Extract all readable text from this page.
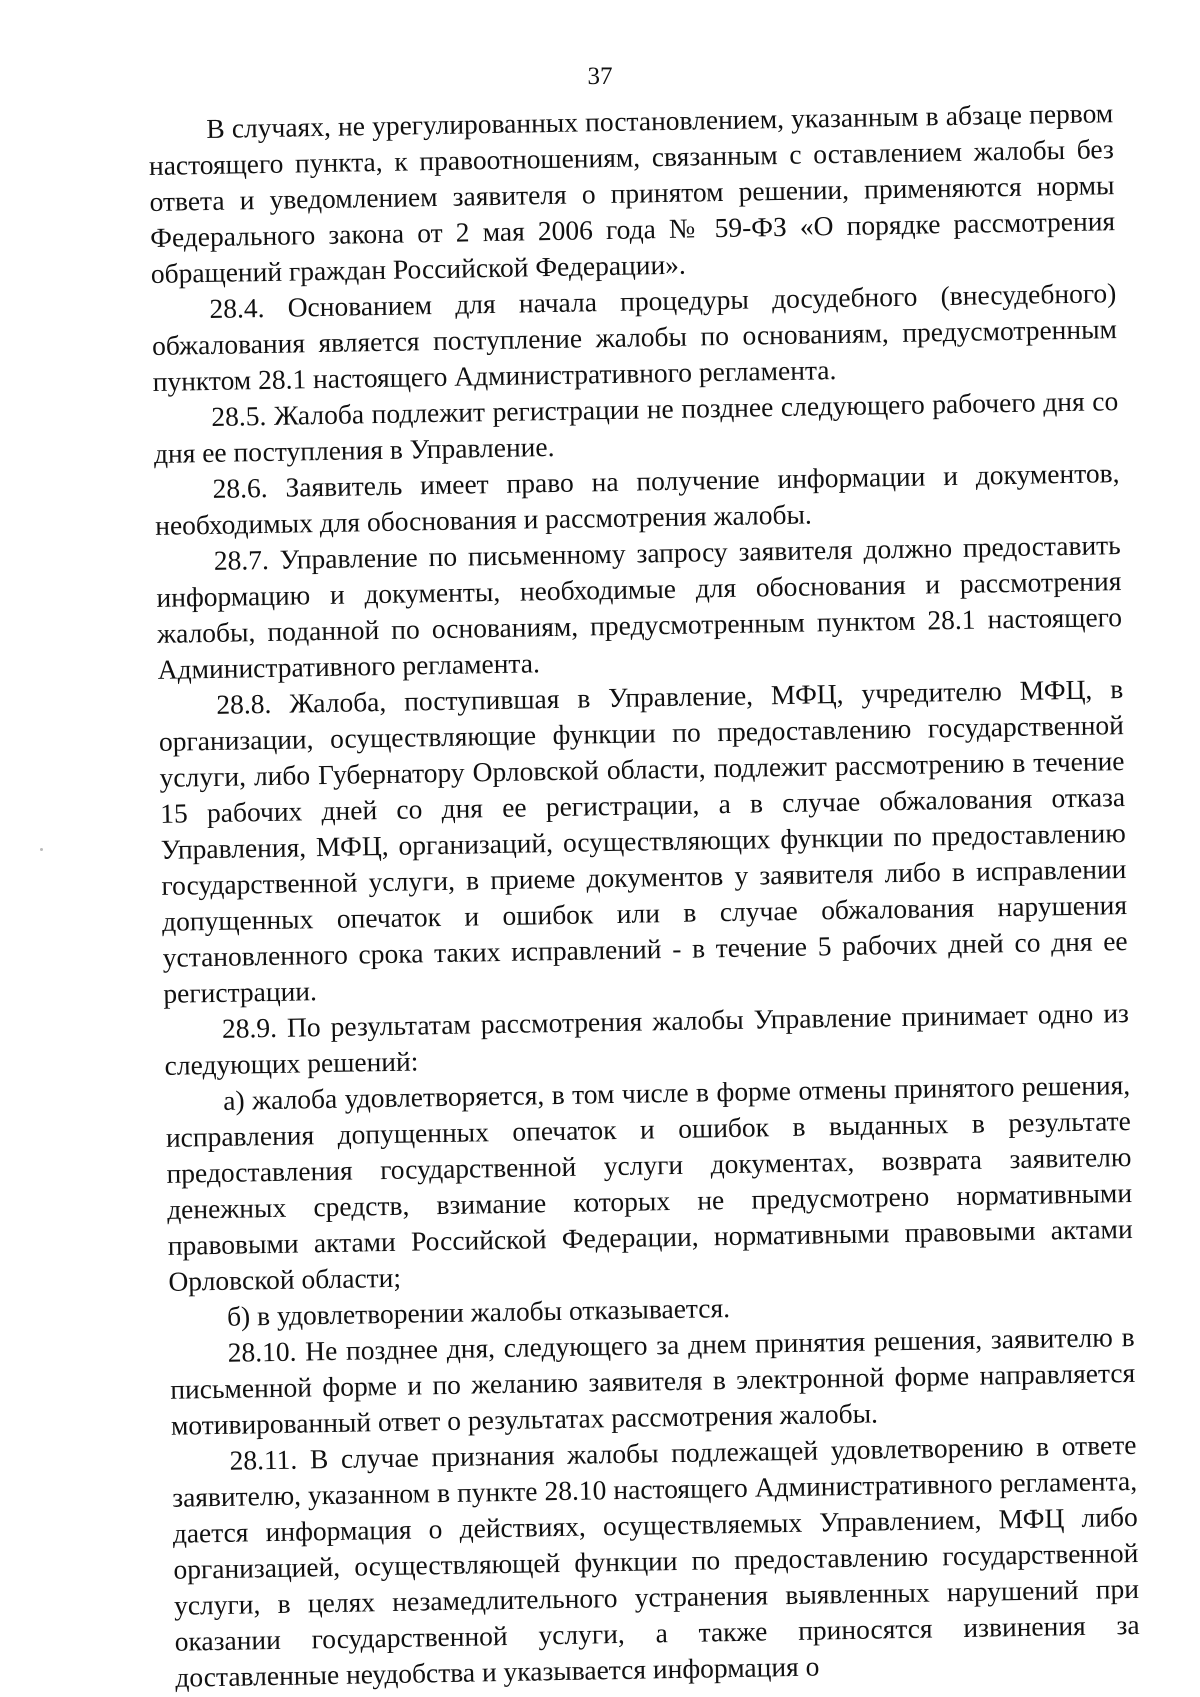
37

В случаях, не урегулированных постановлением, указанным в абзаце первом настоящего пункта, к правоотношениям, связанным с оставлением жалобы без ответа и уведомлением заявителя о принятом решении, применяются нормы Федерального закона от 2 мая 2006 года № 59-ФЗ «О порядке рассмотрения обращений граждан Российской Федерации».

28.4. Основанием для начала процедуры досудебного (внесудебного) обжалования является поступление жалобы по основаниям, предусмотренным пунктом 28.1 настоящего Административного регламента.

28.5. Жалоба подлежит регистрации не позднее следующего рабочего дня со дня ее поступления в Управление.

28.6. Заявитель имеет право на получение информации и документов, необходимых для обоснования и рассмотрения жалобы.

28.7. Управление по письменному запросу заявителя должно предоставить информацию и документы, необходимые для обоснования и рассмотрения жалобы, поданной по основаниям, предусмотренным пунктом 28.1 настоящего Административного регламента.

28.8. Жалоба, поступившая в Управление, МФЦ, учредителю МФЦ, в организации, осуществляющие функции по предоставлению государственной услуги, либо Губернатору Орловской области, подлежит рассмотрению в течение 15 рабочих дней со дня ее регистрации, а в случае обжалования отказа Управления, МФЦ, организаций, осуществляющих функции по предоставлению государственной услуги, в приеме документов у заявителя либо в исправлении допущенных опечаток и ошибок или в случае обжалования нарушения установленного срока таких исправлений - в течение 5 рабочих дней со дня ее регистрации.

28.9. По результатам рассмотрения жалобы Управление принимает одно из следующих решений:

а) жалоба удовлетворяется, в том числе в форме отмены принятого решения, исправления допущенных опечаток и ошибок в выданных в результате предоставления государственной услуги документах, возврата заявителю денежных средств, взимание которых не предусмотрено нормативными правовыми актами Российской Федерации, нормативными правовыми актами Орловской области;

б) в удовлетворении жалобы отказывается.

28.10. Не позднее дня, следующего за днем принятия решения, заявителю в письменной форме и по желанию заявителя в электронной форме направляется мотивированный ответ о результатах рассмотрения жалобы.

28.11. В случае признания жалобы подлежащей удовлетворению в ответе заявителю, указанном в пункте 28.10 настоящего Административного регламента, дается информация о действиях, осуществляемых Управлением, МФЦ либо организацией, осуществляющей функции по предоставлению государственной услуги, в целях незамедлительного устранения выявленных нарушений при оказании государственной услуги, а также приносятся извинения за доставленные неудобства и указывается информация о
